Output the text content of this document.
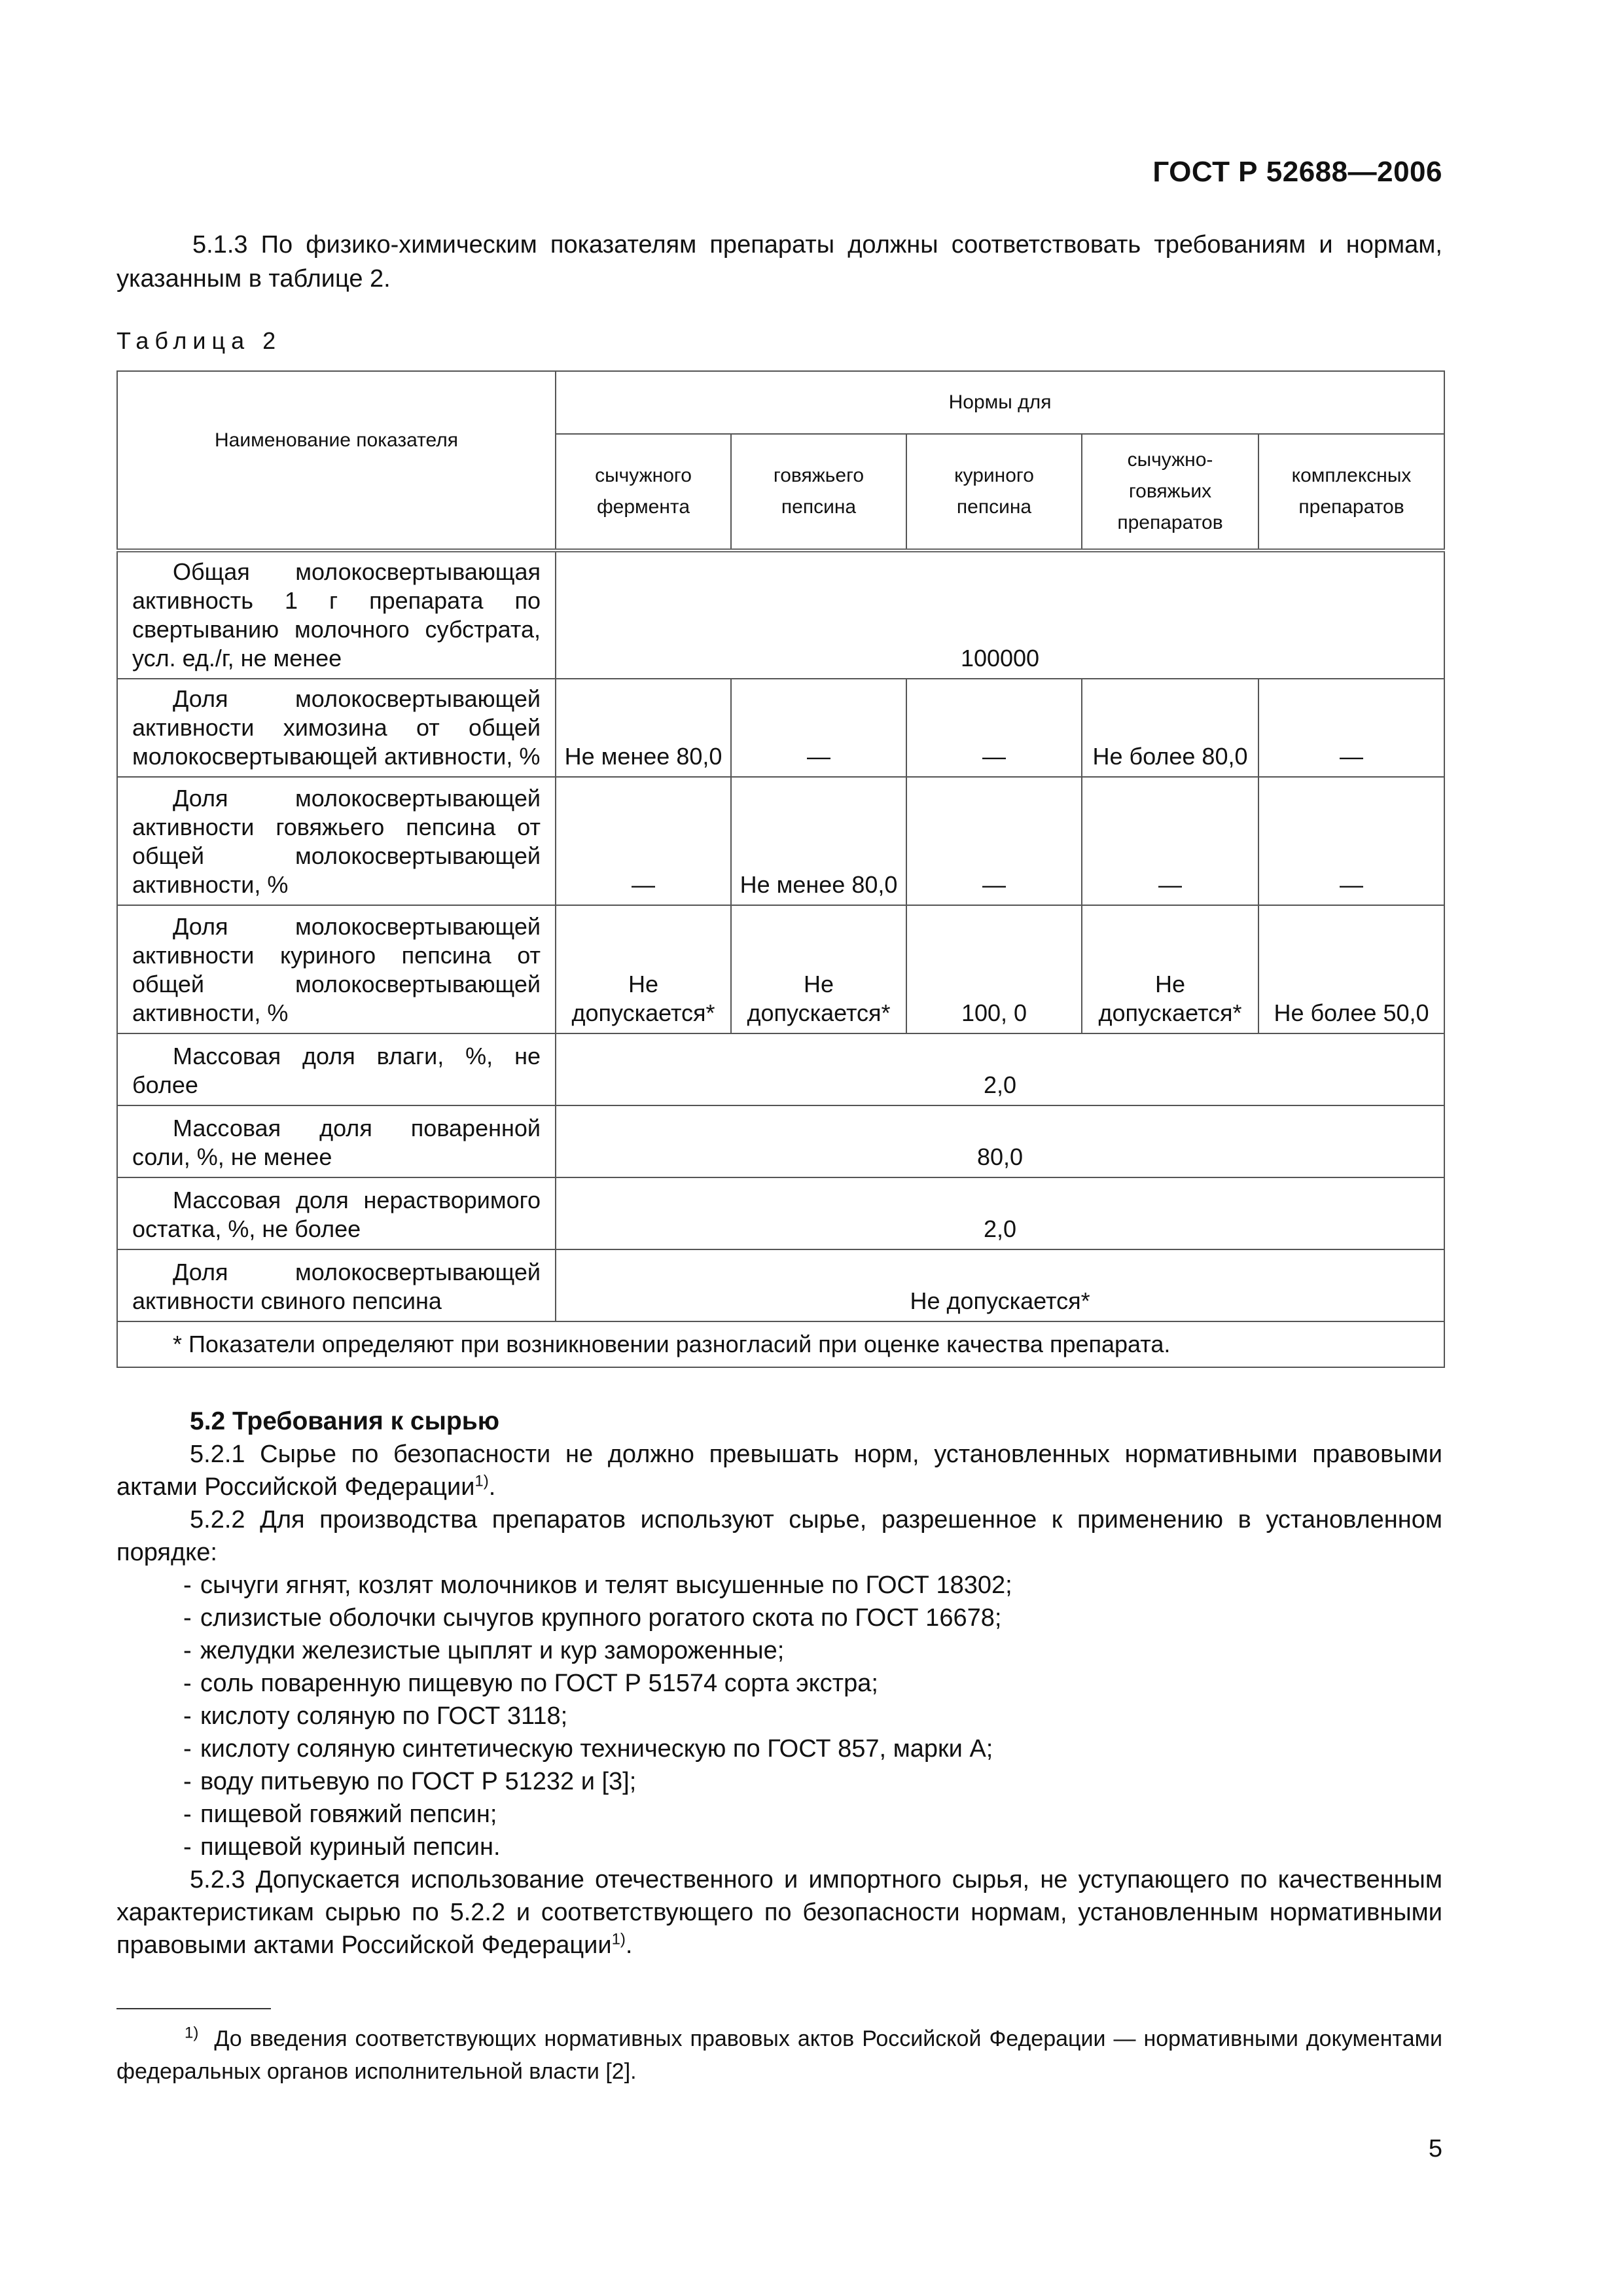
ГОСТ Р 52688—2006
5.1.3 По физико-химическим показателям препараты должны соответствовать требованиям и нормам, указанным в таблице 2.
Таблица 2
Наименование показателя	Нормы для				
	сычужного фермента	говяжьего пепсина	куриного пепсина	сычужно-говяжьих препаратов	комплексных препаратов
Общая молокосвертывающая активность 1 г препарата по свертыванию молочного субстрата, усл. ед./г, не менее	100000				
Доля молокосвертывающей активности химозина от общей молокосвертывающей активности, %	Не менее 80,0	—	—	Не более 80,0	—
Доля молокосвертывающей активности говяжьего пепсина от общей молокосвертывающей активности, %	—	Не менее 80,0	—	—	—
Доля молокосвертывающей активности куриного пепсина от общей молокосвертывающей активности, %	Не допускается*	Не допускается*	100, 0	Не допускается*	Не более 50,0
Массовая доля влаги, %, не более	2,0				
Массовая доля поваренной соли, %, не менее	80,0				
Массовая доля нерастворимого остатка, %, не более	2,0				
Доля молокосвертывающей активности свиного пепсина	Не допускается*				
* Показатели определяют при возникновении разногласий при оценке качества препарата.					
5.2 Требования к сырью
5.2.1 Сырье по безопасности не должно превышать норм, установленных нормативными правовыми актами Российской Федерации$^{1)}$.
5.2.2 Для производства препаратов используют сырье, разрешенное к применению в установленном порядке:
- сычуги ягнят, козлят молочников и телят высушенные по ГОСТ 18302;
- слизистые оболочки сычугов крупного рогатого скота по ГОСТ 16678;
- желудки железистые цыплят и кур замороженные;
- соль поваренную пищевую по ГОСТ Р 51574 сорта экстра;
- кислоту соляную по ГОСТ 3118;
- кислоту соляную синтетическую техническую по ГОСТ 857, марки А;
- воду питьевую по ГОСТ Р 51232 и [3];
- пищевой говяжий пепсин;
- пищевой куриный пепсин.
5.2.3 Допускается использование отечественного и импортного сырья, не уступающего по качественным характеристикам сырью по 5.2.2 и соответствующего по безопасности нормам, установленным нормативными правовыми актами Российской Федерации$^{1)}$.
$^{1)}$ До введения соответствующих нормативных правовых актов Российской Федерации — нормативными документами федеральных органов исполнительной власти [2].
5
